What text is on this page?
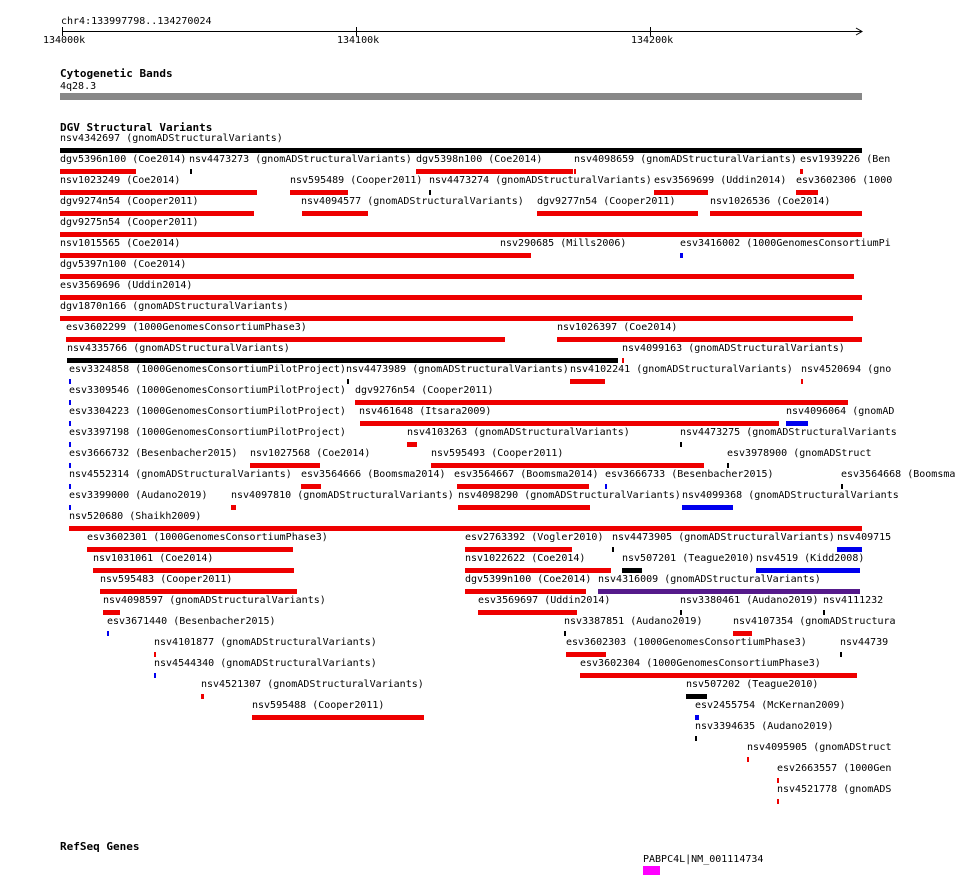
chr4:133997798..134270024
134000k	134100k	134200k
Cytogenetic Bands
4q28.3
DGV Structural Variants
nsv4342697 (gnomADStructuralVariants)
dgv5396n100 (Coe2014) nsv4473273 (gnomADStructuralVariants) dgv5398n100 (Coe2014)	nsv4098659 (gnomADStructuralVariants) esv1939226 (Ben
nsv1023249 (Coe2014)	nsv595489 (Cooper2011) nsv4473274 (gnomADStructuralVariants) esv3569699 (Uddin2014) esv3602306 (1000
dgv9274n54 (Cooper2011)	nsv4094577 (gnomADStructuralVariants) dgv9277n54 (Cooper2011)	nsv1026536 (Coe2014)
dgv9275n54 (Cooper2011)
nsv1015565 (Coe2014)	nsv290685 (Mills2006)	esv3416002 (1000GenomesConsortiumPi
dgv5397n100 (Coe2014)
esv3569696 (Uddin2014)
dgv1870n166 (gnomADStructuralVariants)
esv3602299 (1000GenomesConsortiumPhase3)	nsv1026397 (Coe2014)
nsv4335766 (gnomADStructuralVariants)	nsv4099163 (gnomADStructuralVariants)
esv3324858 (1000GenomesConsortiumPilotProject) nsv4473989 (gnomADStructuralVariants) nsv4102241 (gnomADStructuralVariants) nsv4520694 (gno
esv3309546 (1000GenomesConsortiumPilotProject) dgv9276n54 (Cooper2011)
esv3304223 (1000GenomesConsortiumPilotProject) nsv461648 (Itsara2009)	nsv4096064 (gnomAD
esv3397198 (1000GenomesConsortiumPilotProject)	nsv4103263 (gnomADStructuralVariants)	nsv4473275 (gnomADStructuralVariants
esv3666732 (Besenbacher2015) nsv1027568 (Coe2014)	nsv595493 (Cooper2011)	esv3978900 (gnomADStruct
nsv4552314 (gnomADStructuralVariants) esv3564666 (Boomsma2014) esv3564667 (Boomsma2014) esv3666733 (Besenbacher2015)	esv3564668 (Boomsma
esv3399000 (Audano2019) nsv4097810 (gnomADStructuralVariants) nsv4098290 (gnomADStructuralVariants) nsv4099368 (gnomADStructuralVariants
nsv520680 (Shaikh2009)
esv3602301 (1000GenomesConsortiumPhase3)	esv2763392 (Vogler2010) nsv4473905 (gnomADStructuralVariants) nsv409715
nsv1031061 (Coe2014)	nsv1022622 (Coe2014)	nsv507201 (Teague2010) nsv4519 (Kidd2008)
nsv595483 (Cooper2011)	dgv5399n100 (Coe2014) nsv4316009 (gnomADStructuralVariants)
nsv4098597 (gnomADStructuralVariants)	esv3569697 (Uddin2014)	nsv3380461 (Audano2019) nsv4111232
esv3671440 (Besenbacher2015)	nsv3387851 (Audano2019)	nsv4107354 (gnomADStructura
nsv4101877 (gnomADStructuralVariants)	esv3602303 (1000GenomesConsortiumPhase3)	nsv44739
nsv4544340 (gnomADStructuralVariants)	esv3602304 (1000GenomesConsortiumPhase3)
nsv4521307 (gnomADStructuralVariants)	nsv507202 (Teague2010)
nsv595488 (Cooper2011)	esv2455754 (McKernan2009)
nsv3394635 (Audano2019)
nsv4095905 (gnomADStruct
esv2663557 (1000Gen
nsv4521778 (gnomADS
RefSeq Genes
PABPC4L|NM_001114734
